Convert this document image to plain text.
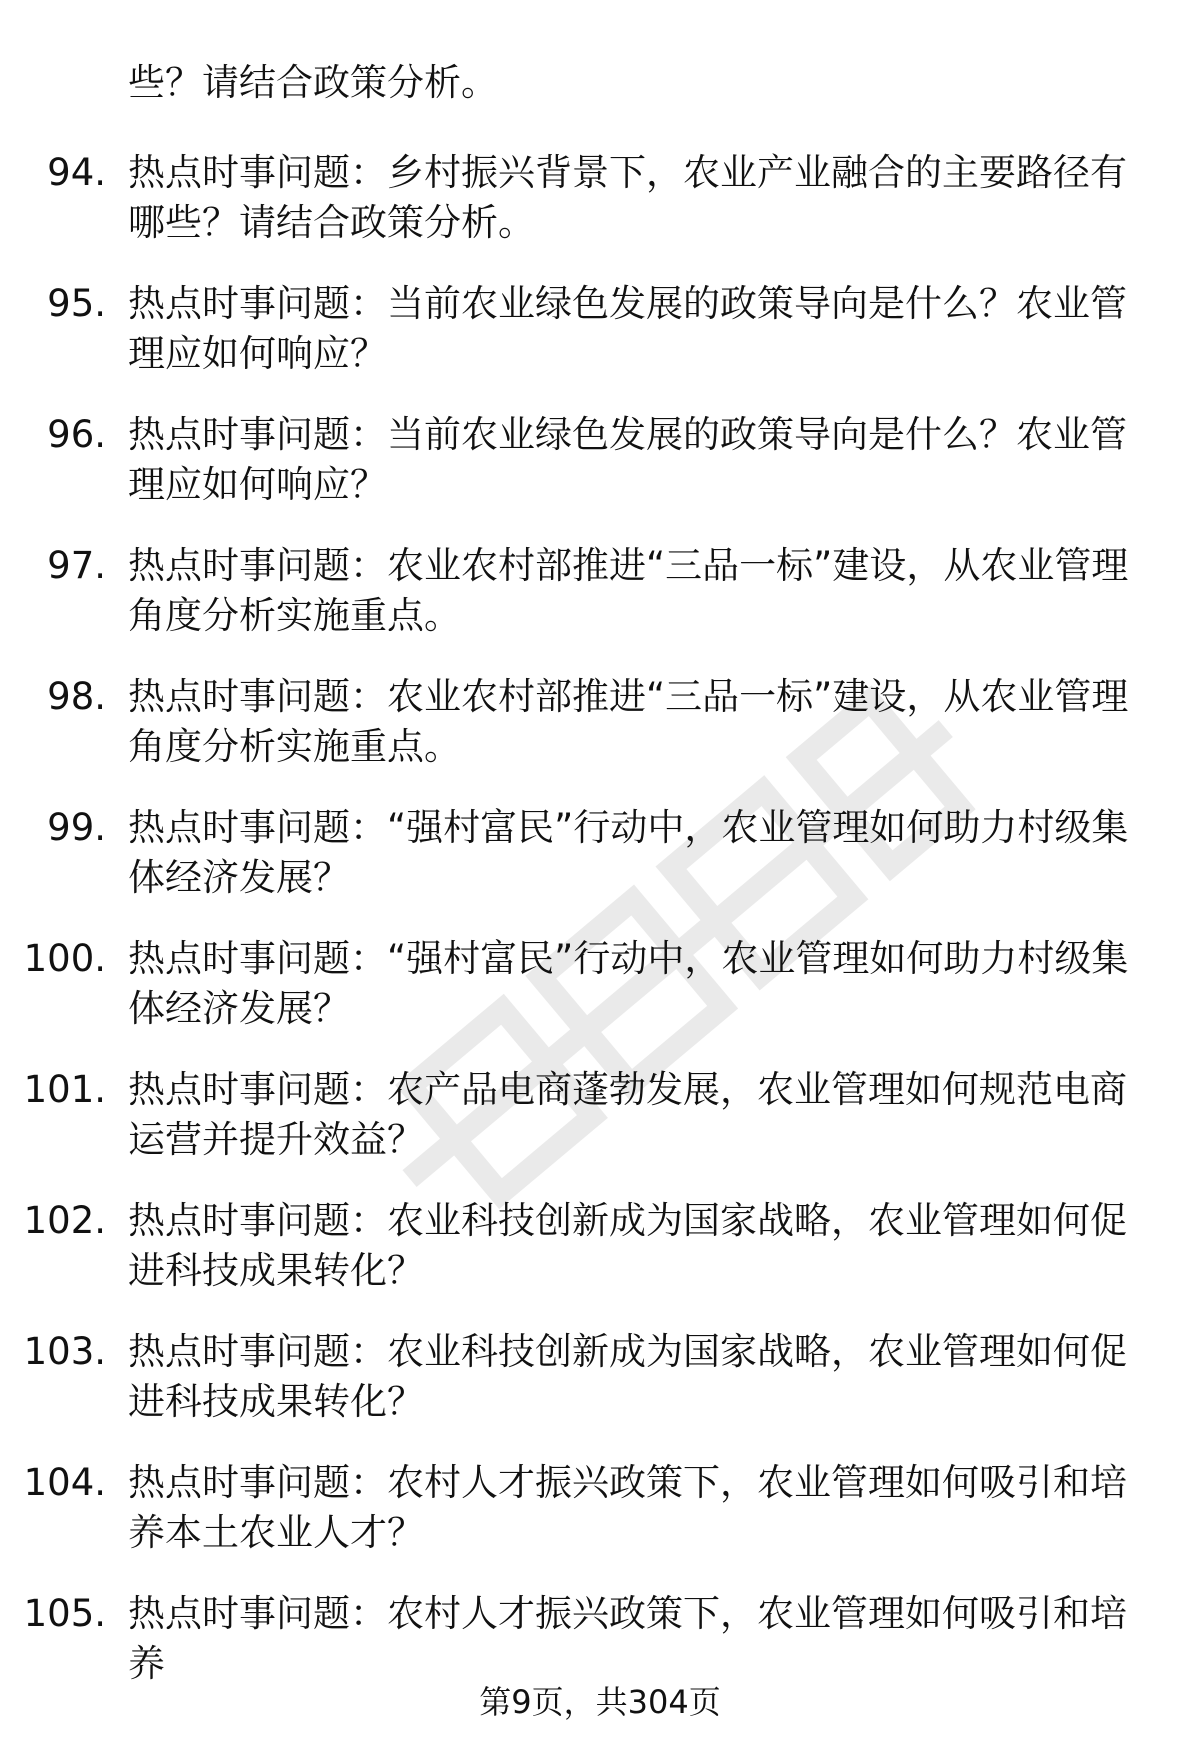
些？请结合政策分析。
94. 热点时事问题：乡村振兴背景下，农业产业融合的主要路径有哪些？请结合政策分析。
95. 热点时事问题：当前农业绿色发展的政策导向是什么？农业管理应如何响应？
96. 热点时事问题：当前农业绿色发展的政策导向是什么？农业管理应如何响应？
97. 热点时事问题：农业农村部推进“三品一标”建设，从农业管理角度分析实施重点。
98. 热点时事问题：农业农村部推进“三品一标”建设，从农业管理角度分析实施重点。
99. 热点时事问题：“强村富民”行动中，农业管理如何助力村级集体经济发展？
100. 热点时事问题：“强村富民”行动中，农业管理如何助力村级集体经济发展？
101. 热点时事问题：农产品电商蓬勃发展，农业管理如何规范电商运营并提升效益？
102. 热点时事问题：农业科技创新成为国家战略，农业管理如何促进科技成果转化？
103. 热点时事问题：农业科技创新成为国家战略，农业管理如何促进科技成果转化？
104. 热点时事问题：农村人才振兴政策下，农业管理如何吸引和培养本土农业人才？
105. 热点时事问题：农村人才振兴政策下，农业管理如何吸引和培养
第9页，共304页
